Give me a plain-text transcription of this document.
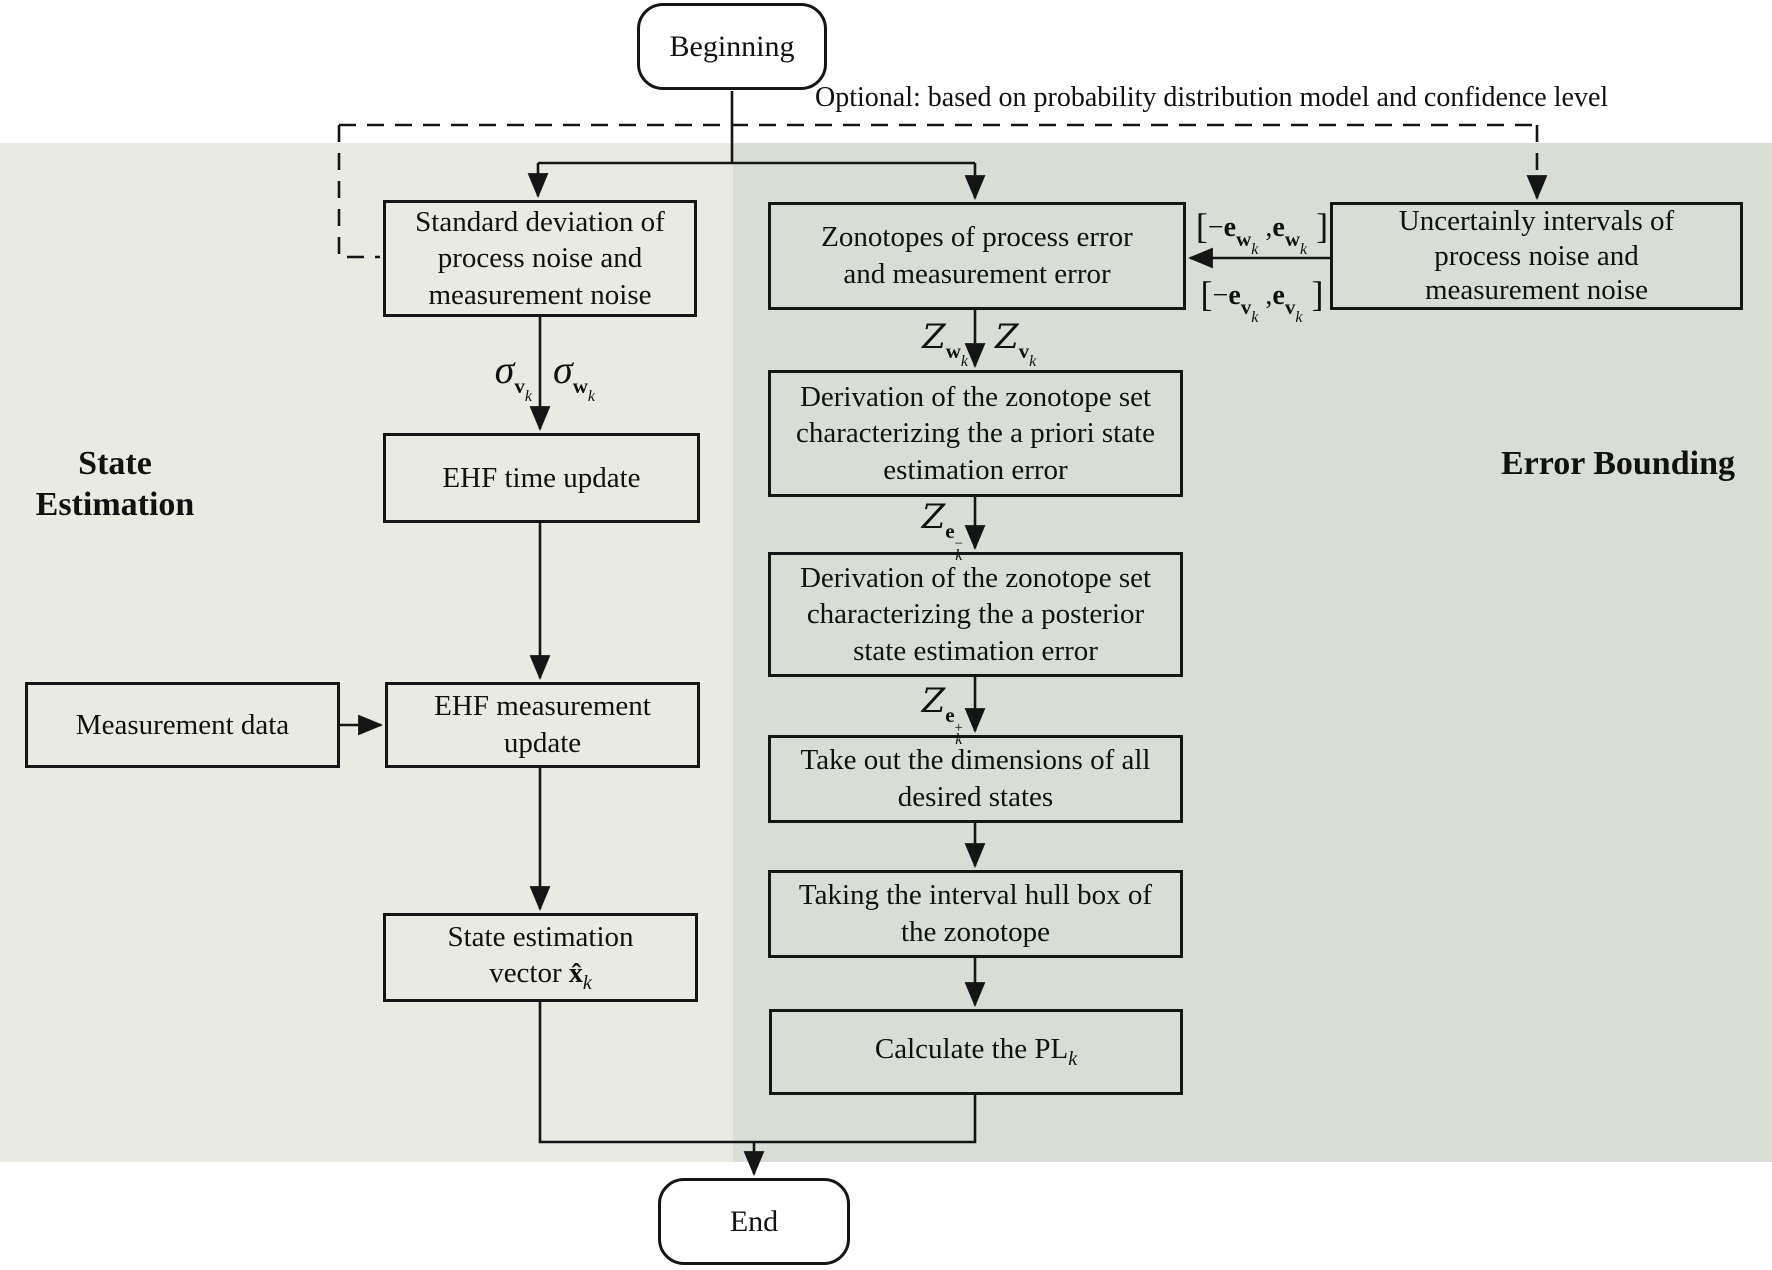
State
Estimation
Error Bounding
Optional: based on probability distribution model and confidence level
Beginning
End
Standard deviation of
process noise and
measurement noise
EHF time update
Measurement data
EHF measurement
update
State estimation
vector $x̂_k$
Zonotopes of process error
and measurement error
Derivation of the zonotope set
characterizing the a priori state
estimation error
Derivation of the zonotope set
characterizing the a posterior
state estimation error
Take out the dimensions of all
desired states
Taking the interval hull box of
the zonotope
Calculate the $PL_k$
Uncertainly intervals of
process noise and
measurement noise
σvk
σwk
Zwk
Zvk
Ze
−
k
Ze
+
k
[−ewk ,ewk ]
[−evk ,evk ]
